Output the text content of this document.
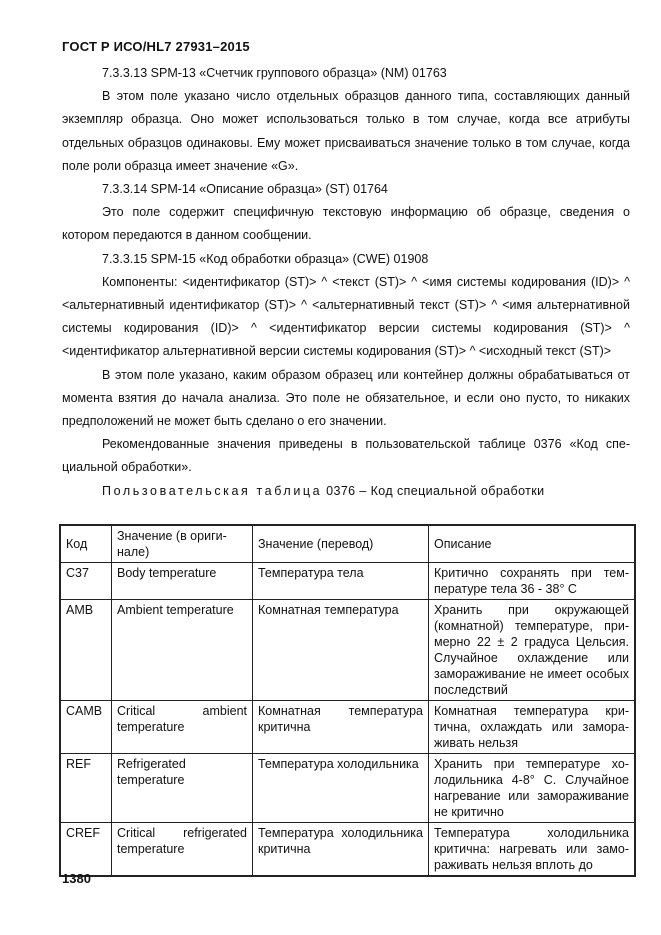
ГОСТ Р ИСО/HL7 27931–2015

7.3.3.13 SPM-13 «Счетчик группового образца» (NM) 01763

В этом поле указано число отдельных образцов данного типа, составляющих данный экземпляр образца. Оно может использоваться только в том случае, когда все атрибуты отдельных образцов одинаковы. Ему может присваиваться значение только в том случае, когда поле роли образца имеет значение «G».

7.3.3.14 SPM-14 «Описание образца» (ST) 01764

Это поле содержит специфичную текстовую информацию об образце, сведения о котором передаются в данном сообщении.

7.3.3.15 SPM-15 «Код обработки образца» (CWE) 01908

Компоненты: <идентификатор (ST)> ^ <текст (ST)> ^ <имя системы кодирования (ID)> ^ <альтернативный идентификатор (ST)> ^ <альтернативный текст (ST)> ^ <имя альтернативной системы кодирования (ID)> ^ <идентификатор версии системы кодирования (ST)> ^ <идентификатор альтернативной версии системы кодирования (ST)> ^ <исходный текст (ST)>

В этом поле указано, каким образом образец или контейнер должны обрабатываться от момента взятия до начала анализа. Это поле не обязательное, и если оно пусто, то никаких предположений не может быть сделано о его значении.

Рекомендованные значения приведены в пользовательской таблице 0376 «Код специальной обработки».

Пользовательская таблица 0376 – Код специальной обработки

Код	Значение (в оригинале)	Значение (перевод)	Описание
C37	Body temperature	Температура тела	Критично сохранять при температуре тела 36 - 38° C
AMB	Ambient temperature	Комнатная температура	Хранить при окружающей (комнатной) температуре, примерно 22 ± 2 градуса Цельсия. Случайное охлаждение или замораживание не имеет особых последствий
CAMB	Critical ambient temperature	Комнатная температура критична	Комнатная температура критична, охлаждать или замораживать нельзя
REF	Refrigerated temperature	Температура холодильника	Хранить при температуре холодильника 4-8° C. Случайное нагревание или замораживание не критично
CREF	Critical refrigerated temperature	Температура холодильника критична	Температура холодильника критична: нагревать или замораживать нельзя вплоть до
1380
